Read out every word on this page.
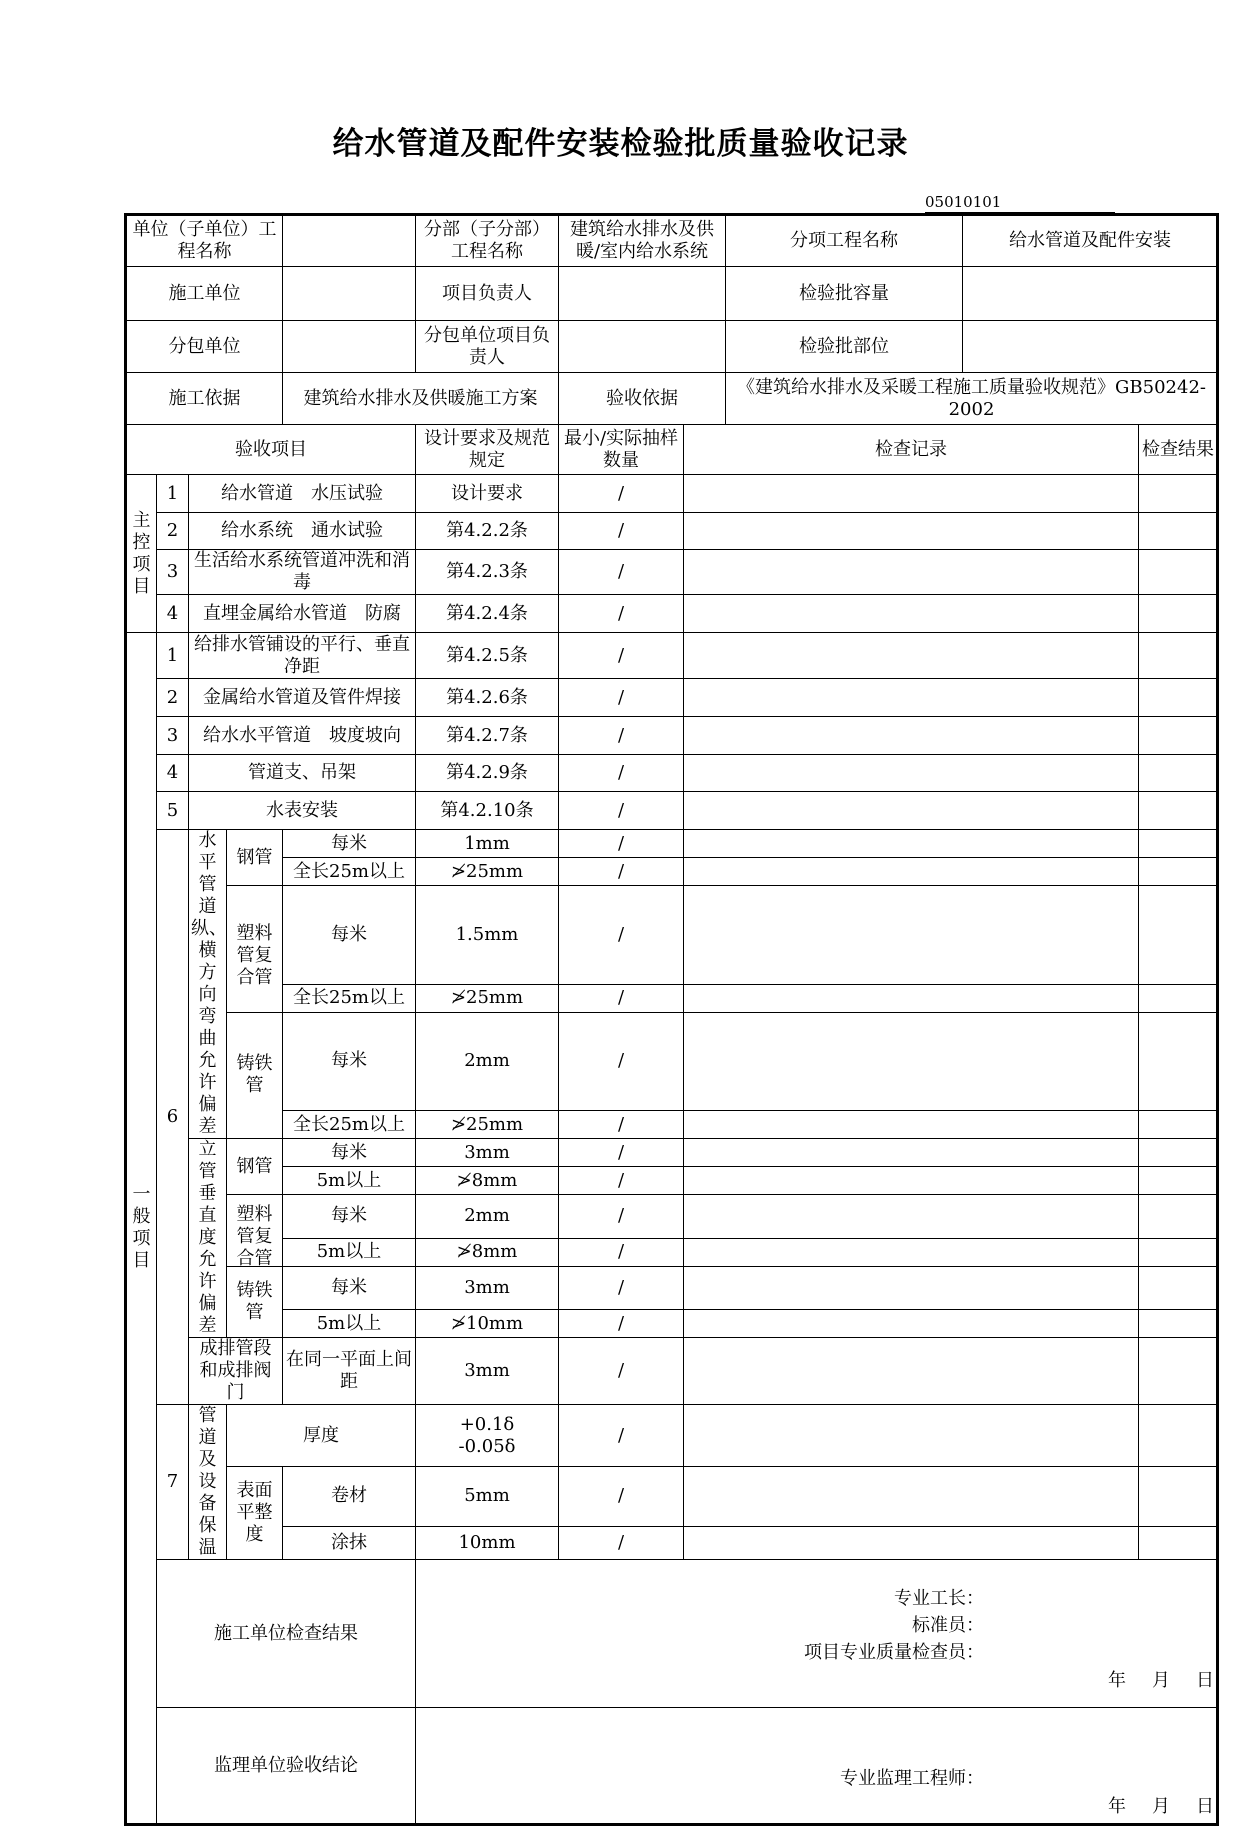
给水管道及配件安装检验批质量验收记录
05010101
单位（子单位）工程名称					分部（子分部）工程名称	建筑给水排水及供暖/室内给水系统		分项工程名称	给水管道及配件安装	
施工单位					项目负责人			检验批容量		
分包单位					分包单位项目负责人			检验批部位		
施工依据				建筑给水排水及供暖施工方案		验收依据		《建筑给水排水及采暖工程施工质量验收规范》GB50242-2002		
验收项目					设计要求及规范规定	最小/实际抽样数量	检查记录			检查结果
主控项目	1	给水管道　水压试验			设计要求	/				
	2	给水系统　通水试验			第4.2.2条	/				
	3	生活给水系统管道冲洗和消毒			第4.2.3条	/				
	4	直埋金属给水管道　防腐			第4.2.4条	/				
一般项目	1	给排水管铺设的平行、垂直净距			第4.2.5条	/				
	2	金属给水管道及管件焊接			第4.2.6条	/				
	3	给水水平管道　坡度坡向			第4.2.7条	/				
	4	管道支、吊架			第4.2.9条	/				
	5	水表安装			第4.2.10条	/				
	6	水平管道纵、横方向弯曲允许偏差	钢管	每米	1mm	/				
				全长25m以上	≯25mm	/				

			塑料管复合管	每米	1.5mm	/				
				全长25m以上	≯25mm	/				
			铸铁管	每米	2mm	/				
				全长25m以上	≯25mm	/				
		立管垂直度允许偏差	钢管	每米	3mm	/				
				5m以上	≯8mm	/				

			塑料管复合管	每米	2mm	/				
				5m以上	≯8mm	/				
			铸铁管	每米	3mm	/				
				5m以上	≯10mm	/				
		成排管段和成排阀门		在同一平面上间距	3mm	/				
	7	管道及设备保温	厚度		+0.1δ
-0.05δ	/				
			表面平整度	卷材	5mm	/				
				涂抹	10mm	/				
	施工单位检查结果				专业工长：
标准员：
项目专业质量检查员：
年 月 日					

	监理单位验收结论				专业监理工程师：
年 月 日					
